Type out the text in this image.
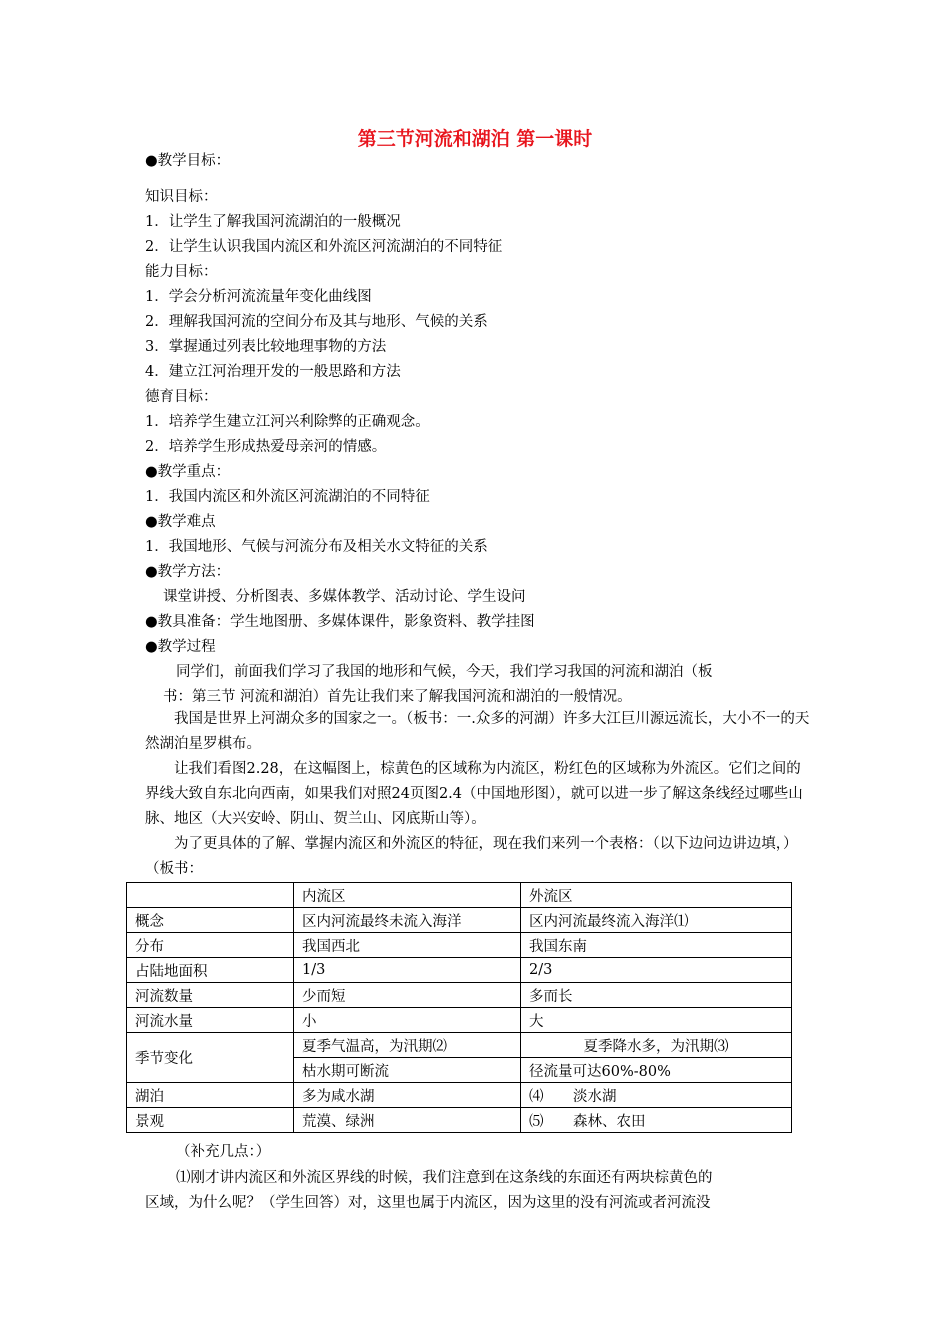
第三节河流和湖泊 第一课时
●教学目标：
知识目标：
1．让学生了解我国河流湖泊的一般概况
2．让学生认识我国内流区和外流区河流湖泊的不同特征
能力目标：
1．学会分析河流流量年变化曲线图
2．理解我国河流的空间分布及其与地形、气候的关系
3．掌握通过列表比较地理事物的方法
4．建立江河治理开发的一般思路和方法
德育目标：
1．培养学生建立江河兴利除弊的正确观念。
2．培养学生形成热爱母亲河的情感。
●教学重点：
1．我国内流区和外流区河流湖泊的不同特征
●教学难点
1．我国地形、气候与河流分布及相关水文特征的关系
●教学方法：
课堂讲授、分析图表、多媒体教学、活动讨论、学生设问
●教具准备：学生地图册、多媒体课件，影象资料、教学挂图
●教学过程
同学们，前面我们学习了我国的地形和气候，今天，我们学习我国的河流和湖泊（板
书：第三节 河流和湖泊）首先让我们来了解我国河流和湖泊的一般情况。

我国是世界上河湖众多的国家之一。（板书：一.众多的河湖）许多大江巨川源远流长，大小不一的天然湖泊星罗棋布。

让我们看图2.28，在这幅图上，棕黄色的区域称为内流区，粉红色的区域称为外流区。它们之间的界线大致自东北向西南，如果我们对照24页图2.4（中国地形图），就可以进一步了解这条线经过哪些山脉、地区（大兴安岭、阴山、贺兰山、冈底斯山等）。

为了更具体的了解、掌握内流区和外流区的特征，现在我们来列一个表格：（以下边问边讲边填，）（板书：

	内流区	外流区
概念	区内河流最终未流入海洋	区内河流最终流入海洋⑴
分布	我国西北	我国东南
占陆地面积	1/3	2/3
河流数量	少而短	多而长
河流水量	小	大
季节变化	夏季气温高，为汛期⑵	夏季降水多，为汛期⑶
	枯水期可断流	径流量可达60%-80%
湖泊	多为咸水湖	⑷ 淡水湖
景观	荒漠、绿洲	⑸ 森林、农田
（补充几点：）
⑴刚才讲内流区和外流区界线的时候，我们注意到在这条线的东面还有两块棕黄色的
区域，为什么呢？（学生回答）对，这里也属于内流区，因为这里的没有河流或者河流没
